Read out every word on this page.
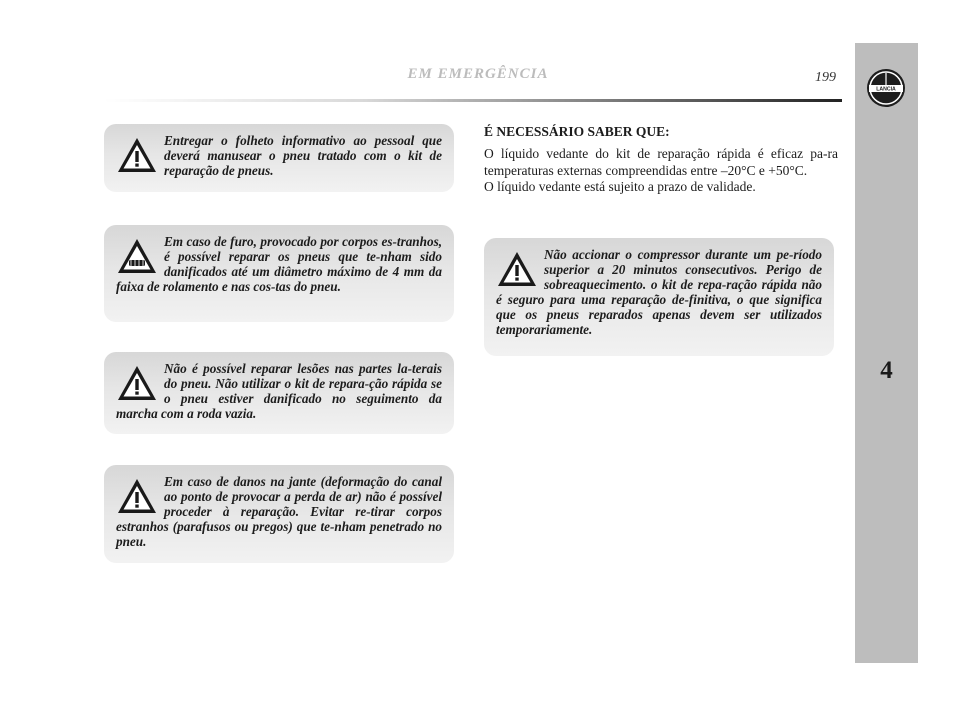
EM EMERGÊNCIA	199
LANCIA
4
Entregar o folheto informativo ao pessoal que deverá manusear o pneu tratado com o kit de reparação de pneus.
Em caso de furo, provocado por corpos es-tranhos, é possível reparar os pneus que te-nham sido danificados até um diâmetro máximo de 4 mm da faixa de rolamento e nas cos-tas do pneu.
Não é possível reparar lesões nas partes la-terais do pneu. Não utilizar o kit de repara-ção rápida se o pneu estiver danificado no seguimento da marcha com a roda vazia.
Em caso de danos na jante (deformação do canal ao ponto de provocar a perda de ar) não é possível proceder à reparação. Evitar re-tirar corpos estranhos (parafusos ou pregos) que te-nham penetrado no pneu.
É NECESSÁRIO SABER QUE:

O líquido vedante do kit de reparação rápida é eficaz pa-ra temperaturas externas compreendidas entre –20°C e +50°C.

O líquido vedante está sujeito a prazo de validade.

Não accionar o compressor durante um pe-ríodo superior a 20 minutos consecutivos. Perigo de sobreaquecimento. o kit de repa-ração rápida não é seguro para uma reparação de-finitiva, o que significa que os pneus reparados apenas devem ser utilizados temporariamente.
